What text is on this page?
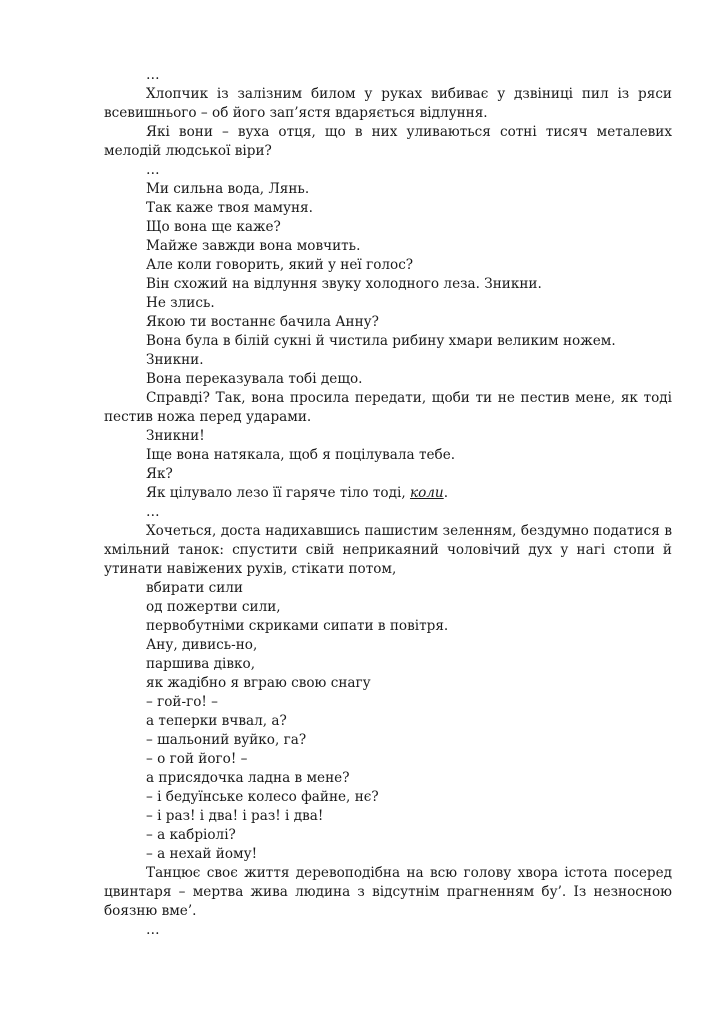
…

Хлопчик із залізним билом у руках вибиває у дзвіниці пил із ряси всевишнього – об його зап’ястя вдаряється відлуння.

Які вони – вуха отця, що в них уливаються сотні тисяч металевих мелодій людської віри?

…

Ми сильна вода, Лянь.

Так каже твоя мамуня.

Що вона ще каже?

Майже завжди вона мовчить.

Але коли говорить, який у неї голос?

Він схожий на відлуння звуку холодного леза. Зникни.

Не злись.

Якою ти востаннє бачила Анну?

Вона була в білій сукні й чистила рибину хмари великим ножем.

Зникни.

Вона переказувала тобі дещо.

Справді? Так, вона просила передати, щоби ти не пестив мене, як тоді пестив ножа перед ударами.

Зникни!

Іще вона натякала, щоб я поцілувала тебе.

Як?

Як цілувало лезо її гаряче тіло тоді, коли.

…

Хочеться, доста надихавшись пашистим зеленням, бездумно податися в хмільний танок: спустити свій неприкаяний чоловічий дух у нагі стопи й утинати навіжених рухів, стікати потом,

вбирати сили

од пожертви сили,

первобутніми скриками сипати в повітря.

Ану, дивись-но,

паршива дівко,

як жадібно я вграю свою снагу

– гой-го! –

а теперки вчвал, а?

– шальоний вуйко, га?

– о гой його! –

а присядочка ладна в мене?

– і бедуїнське колесо файне, нє?

– і раз! і два! і раз! і два!

– а кабріолі?

– а нехай йому!

Танцює своє життя деревоподібна на всю голову хвора істота посеред цвинтаря – мертва жива людина з відсутнім прагненням бу’. Із незносною боязню вме’.

…
